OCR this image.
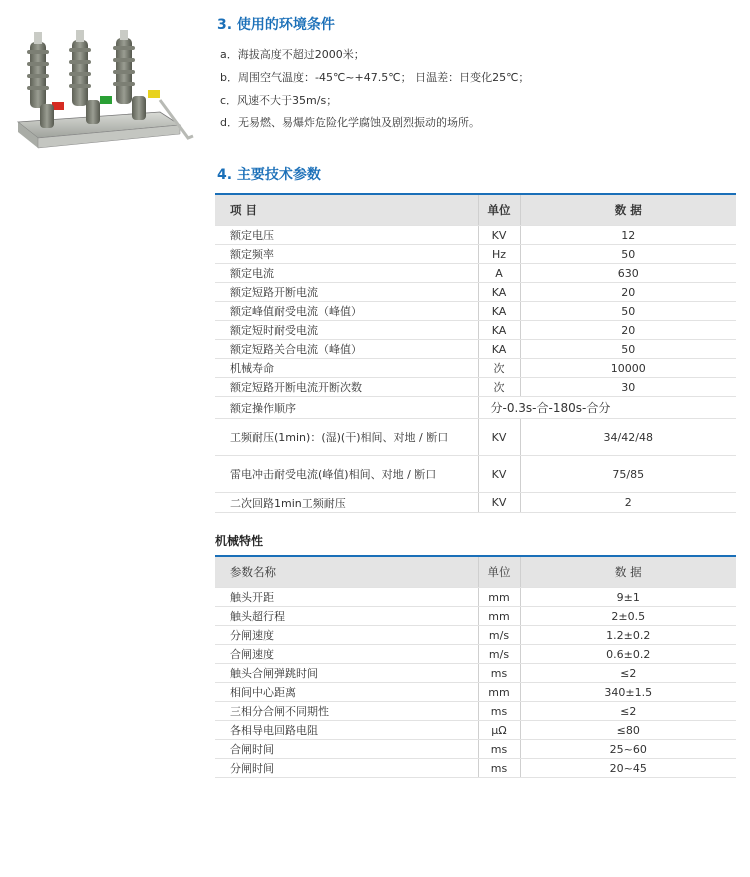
3. 使用的环境条件
a．海拔高度不超过2000米；
b．周围空气温度：-45℃~+47.5℃； 日温差：日变化25℃；
c．风速不大于35m/s；
d．无易燃、易爆炸危险化学腐蚀及剧烈振动的场所。
4. 主要技术参数
项 目	单位	数 据
额定电压	KV	12
额定频率	Hz	50
额定电流	A	630
额定短路开断电流	KA	20
额定峰值耐受电流（峰值）	KA	50
额定短时耐受电流	KA	20
额定短路关合电流（峰值）	KA	50
机械寿命	次	10000
额定短路开断电流开断次数	次	30
额定操作顺序	分-0.3s-合-180s-合分	
工频耐压(1min)：(湿)(干)相间、对地 / 断口	KV	34/42/48
雷电冲击耐受电流(峰值)相间、对地 / 断口	KV	75/85
二次回路1min工频耐压	KV	2
机械特性
参数名称	单位	数 据
触头开距	mm	9±1
触头超行程	mm	2±0.5
分闸速度	m/s	1.2±0.2
合闸速度	m/s	0.6±0.2
触头合闸弹跳时间	ms	≤2
相间中心距离	mm	340±1.5
三相分合闸不同期性	ms	≤2
各相导电回路电阻	μΩ	≤80
合闸时间	ms	25~60
分闸时间	ms	20~45
